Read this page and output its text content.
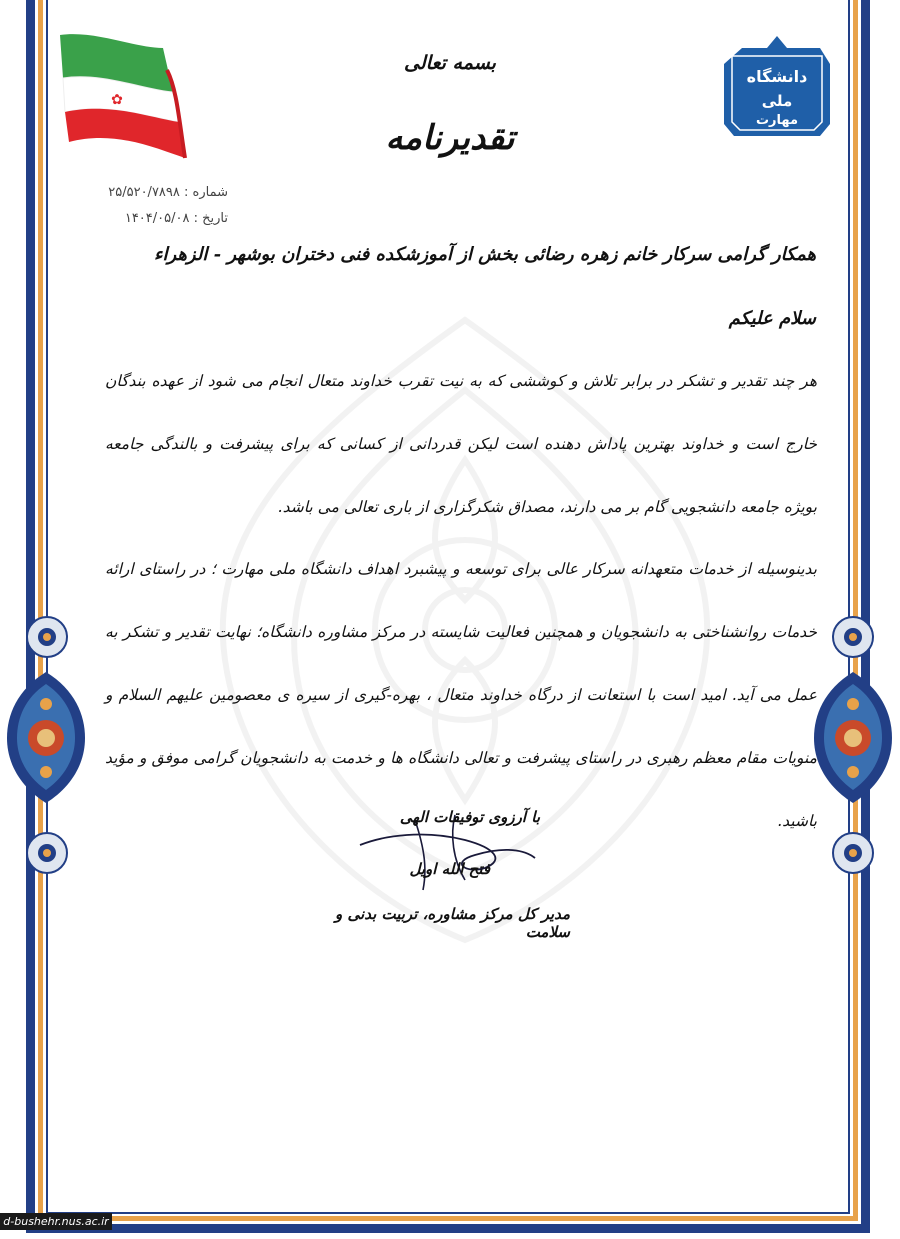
✿
دانشگاه
ملی
مهارت
بسمه تعالی
تقدیرنامه
شماره : ۲۵/۵۲۰/۷۸۹۸
تاریخ : ۱۴۰۴/۰۵/۰۸
همکار گرامی سرکار خانم زهره رضائی بخش از آموزشکده فنی دختران بوشهر - الزهراء
سلام علیکم
هر چند تقدیر و تشکر در برابر تلاش و کوششی که به نیت تقرب خداوند متعال انجام می شود از عهده بندگان خارج است و خداوند بهترین پاداش دهنده است لیکن قدردانی از کسانی که برای پیشرفت و بالندگی جامعه بویژه جامعه دانشجویی گام بر می دارند، مصداق شکرگزاری از باری تعالی می باشد.
بدینوسیله از خدمات متعهدانه سرکار عالی برای توسعه و پیشبرد اهداف دانشگاه ملی مهارت ؛ در راستای ارائه خدمات روانشناختی به دانشجویان و همچنین فعالیت شایسته در مرکز مشاوره دانشگاه؛ نهایت تقدیر و تشکر به عمل می آید. امید است با استعانت از درگاه خداوند متعال ، بهره-گیری از سیره ی معصومین علیهم السلام و منویات مقام معظم رهبری در راستای پیشرفت و تعالی دانشگاه ها و خدمت به دانشجویان گرامی موفق و مؤید باشید.
با آرزوی توفیقات الهی
فتح الله اویل
مدیر کل مرکز مشاوره، تربیت بدنی و سلامت
d-bushehr.nus.ac.ir
